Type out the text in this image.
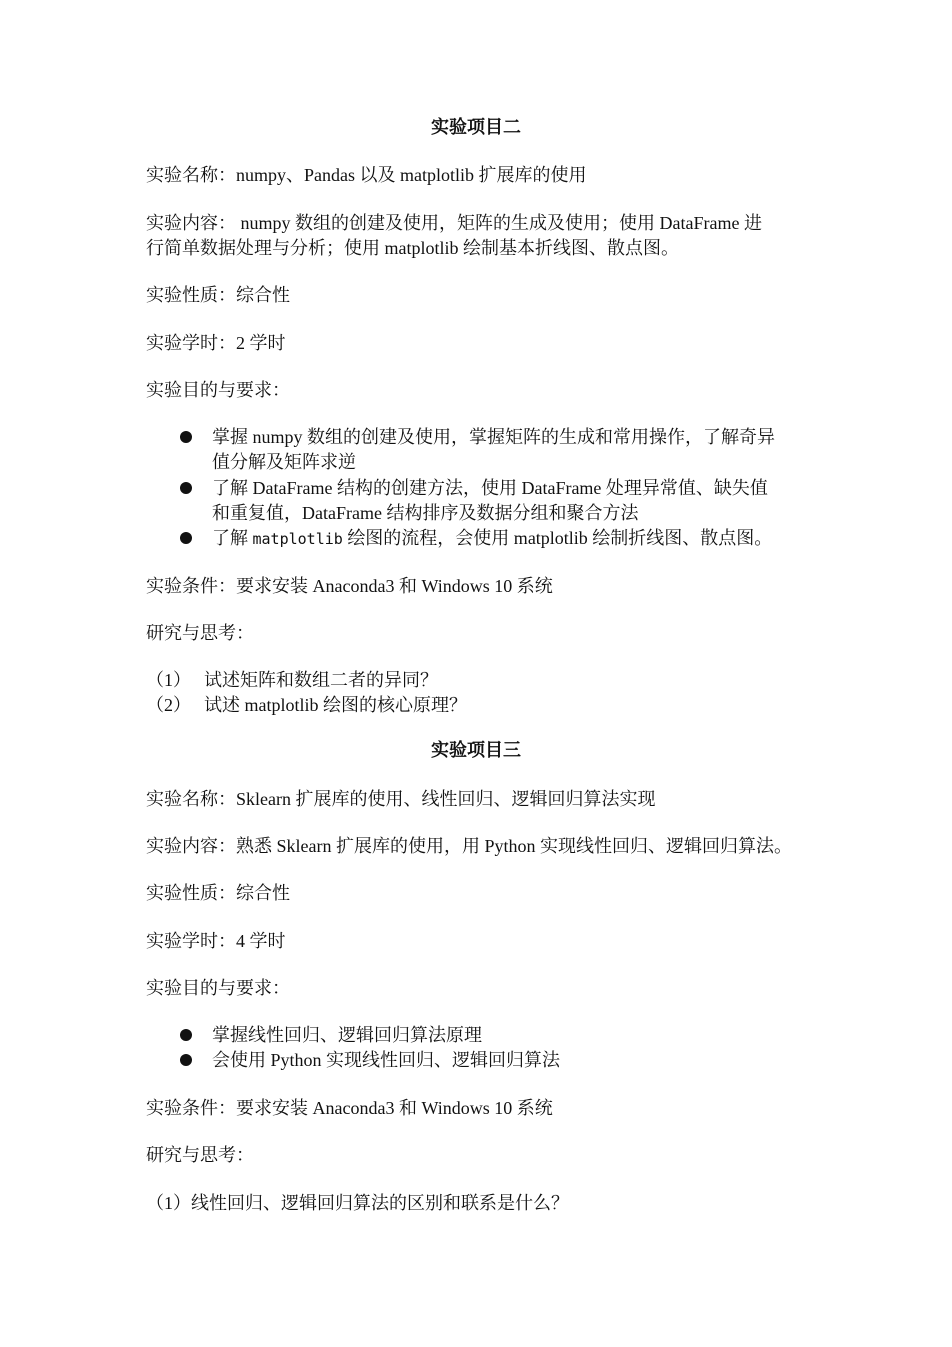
实验项目二
实验名称：numpy、Pandas 以及 matplotlib 扩展库的使用
实验内容： numpy 数组的创建及使用，矩阵的生成及使用；使用 DataFrame 进
行简单数据处理与分析；使用 matplotlib 绘制基本折线图、散点图。
实验性质：综合性
实验学时：2 学时
实验目的与要求：
掌握 numpy 数组的创建及使用，掌握矩阵的生成和常用操作，了解奇异
值分解及矩阵求逆
了解 DataFrame 结构的创建方法，使用 DataFrame 处理异常值、缺失值
和重复值，DataFrame 结构排序及数据分组和聚合方法
了解 matplotlib 绘图的流程，会使用 matplotlib 绘制折线图、散点图。
实验条件：要求安装 Anaconda3 和 Windows 10 系统
研究与思考：
（1） 试述矩阵和数组二者的异同？
（2） 试述 matplotlib 绘图的核心原理？
实验项目三
实验名称：Sklearn 扩展库的使用、线性回归、逻辑回归算法实现
实验内容：熟悉 Sklearn 扩展库的使用，用 Python 实现线性回归、逻辑回归算法。
实验性质：综合性
实验学时：4 学时
实验目的与要求：
掌握线性回归、逻辑回归算法原理
会使用 Python 实现线性回归、逻辑回归算法
实验条件：要求安装 Anaconda3 和 Windows 10 系统
研究与思考：
（1）线性回归、逻辑回归算法的区别和联系是什么？
